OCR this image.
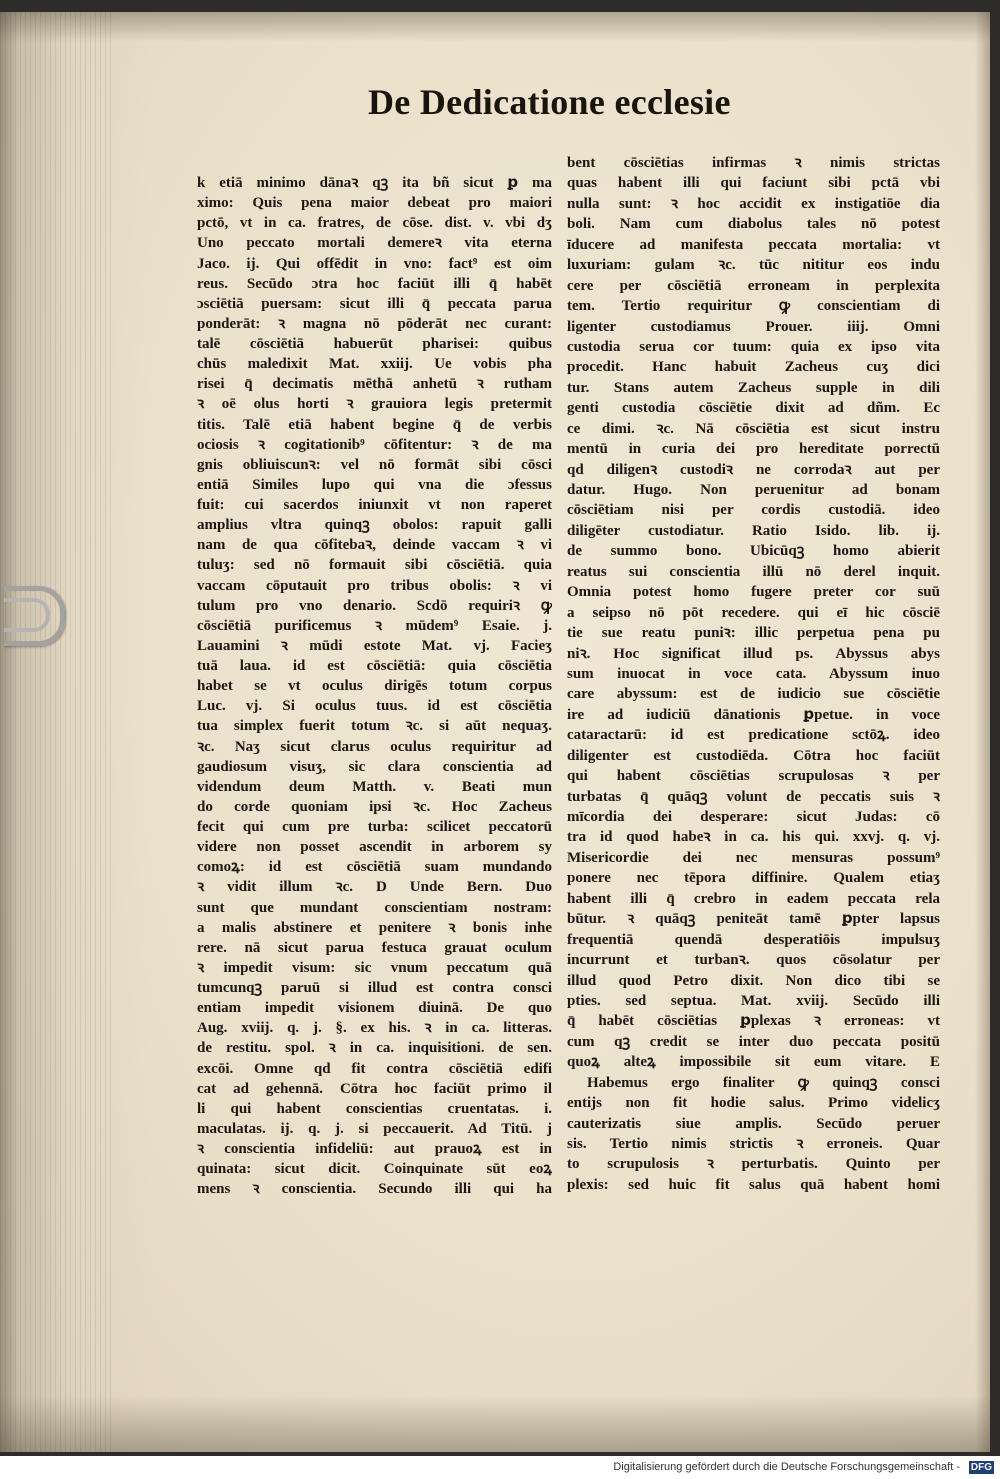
De Dedicatione ecclesie
k etiā minimo dānaꝛ qꝫ ita bñ sicut ꝑ ma
ximo: Quis pena maior debeat pro maiori
pctō, vt in ca. fratres, de cōse. dist. v. vbi dʒ
Uno peccato mortali demereꝛ vita eterna
Jaco. ij. Qui offēdit in vno: fact⁹ est oim
reus. Secūdo ɔtra hoc faciūt illi q̄ habēt
ɔsciētiā puersam: sicut illi q̄ peccata parua
ponderāt: ꝛ magna nō pōderāt nec curant:
talē cōsciētiā habuerūt pharisei: quibus
chūs maledixit Mat. xxiij. Ue vobis pha
risei q̄ decimatis mēthā anhetū ꝛ rutham
ꝛ oē olus horti ꝛ grauiora legis pretermit
titis. Talē etiā habent begine q̄ de verbis
ociosis ꝛ cogitationib⁹ cōfitentur: ꝛ de ma
gnis obliuiscunꝛ: vel nō formāt sibi cōsci
entiā Similes lupo qui vna die ɔfessus
fuit: cui sacerdos iniunxit vt non raperet
amplius vltra quinqꝫ obolos: rapuit galli
nam de qua cōfitebaꝛ, deinde vaccam ꝛ vi
tuluʒ: sed nō formauit sibi cōsciētiā. quia
vaccam cōputauit pro tribus obolis: ꝛ vi
tulum pro vno denario. Scdō requiriꝛ ꝙ
cōsciētiā purificemus ꝛ mūdem⁹ Esaie. j.
Lauamini ꝛ mūdi estote Mat. vj. Facieʒ
tuā laua. id est cōsciētiā: quia cōsciētia
habet se vt oculus dirigēs totum corpus
Luc. vj. Si oculus tuus. id est cōsciētia
tua simplex fuerit totum ꝛc. si aūt nequaʒ.
ꝛc. Naʒ sicut clarus oculus requiritur ad
gaudiosum visuʒ, sic clara conscientia ad
videndum deum Matth. v. Beati mun
do corde quoniam ipsi ꝛc. Hoc Zacheus
fecit qui cum pre turba: scilicet peccatorū
videre non posset ascendit in arborem sy
comoꝝ: id est cōsciētiā suam mundando
ꝛ vidit illum ꝛc. D Unde Bern. Duo
sunt que mundant conscientiam nostram:
a malis abstinere et penitere ꝛ bonis inhe
rere. nā sicut parua festuca grauat oculum
ꝛ impedit visum: sic vnum peccatum quā
tumcunqꝫ paruū si illud est contra consci
entiam impedit visionem diuinā. De quo
Aug. xviij. q. j. §. ex his. ꝛ in ca. litteras.
de restitu. spol. ꝛ in ca. inquisitioni. de sen.
excōi. Omne qd fit contra cōsciētiā edifi
cat ad gehennā. Cōtra hoc faciūt primo il
li qui habent conscientias cruentatas. i.
maculatas. ij. q. j. si peccauerit. Ad Titū. j
ꝛ conscientia infideliū: aut prauoꝝ est in
quinata: sicut dicit. Coinquinate sūt eoꝝ
mens ꝛ conscientia. Secundo illi qui ha
bent cōsciētias infirmas ꝛ nimis strictas
quas habent illi qui faciunt sibi pctā vbi
nulla sunt: ꝛ hoc accidit ex instigatiōe dia
boli. Nam cum diabolus tales nō potest
īducere ad manifesta peccata mortalia: vt
luxuriam: gulam ꝛc. tūc nititur eos indu
cere per cōsciētiā erroneam in perplexita
tem. Tertio requiritur ꝙ conscientiam di
ligenter custodiamus Prouer. iiij. Omni
custodia serua cor tuum: quia ex ipso vita
procedit. Hanc habuit Zacheus cuʒ dici
tur. Stans autem Zacheus supple in dili
genti custodia cōsciētie dixit ad dñm. Ec
ce dimi. ꝛc. Nā cōsciētia est sicut instru
mentū in curia dei pro hereditate porrectū
qd diligenꝛ custodiꝛ ne corrodaꝛ aut per
datur. Hugo. Non peruenitur ad bonam
cōsciētiam nisi per cordis custodiā. ideo
diligēter custodiatur. Ratio Isido. lib. ij.
de summo bono. Ubicūqꝫ homo abierit
reatus sui conscientia illū nō derel inquit.
Omnia potest homo fugere preter cor suū
a seipso nō pōt recedere. qui eī hic cōsciē
tie sue reatu puniꝛ: illic perpetua pena pu
niꝛ. Hoc significat illud ps. Abyssus abys
sum inuocat in voce cata. Abyssum inuo
care abyssum: est de iudicio sue cōsciētie
ire ad iudiciū dānationis ꝑpetue. in voce
cataractarū: id est predicatione sctōꝝ. ideo
diligenter est custodiēda. Cōtra hoc faciūt
qui habent cōsciētias scrupulosas ꝛ per
turbatas q̄ quāqꝫ volunt de peccatis suis ꝛ
mīcordia dei desperare: sicut Judas: cō
tra id quod habeꝛ in ca. his qui. xxvj. q. vj.
Misericordie dei nec mensuras possum⁹
ponere nec tēpora diffinire. Qualem etiaʒ
habent illi q̄ crebro in eadem peccata rela
būtur. ꝛ quāqꝫ peniteāt tamē ꝑpter lapsus
frequentiā quendā desperatiōis impulsuʒ
incurrunt et turbanꝛ. quos cōsolatur per
illud quod Petro dixit. Non dico tibi se
pties. sed septua. Mat. xviij. Secūdo illi
q̄ habēt cōsciētias ꝑplexas ꝛ erroneas: vt
cum qꝫ credit se inter duo peccata positū
quoꝝ alteꝝ impossibile sit eum vitare. E
Habemus ergo finaliter ꝙ quinqꝫ consci
entijs non fit hodie salus. Primo videlicʒ
cauterizatis siue amplis. Secūdo peruer
sis. Tertio nimis strictis ꝛ erroneis. Quar
to scrupulosis ꝛ perturbatis. Quinto per
plexis: sed huic fit salus quā habent homi
Digitalisierung gefördert durch die Deutsche Forschungsgemeinschaft - DFG
